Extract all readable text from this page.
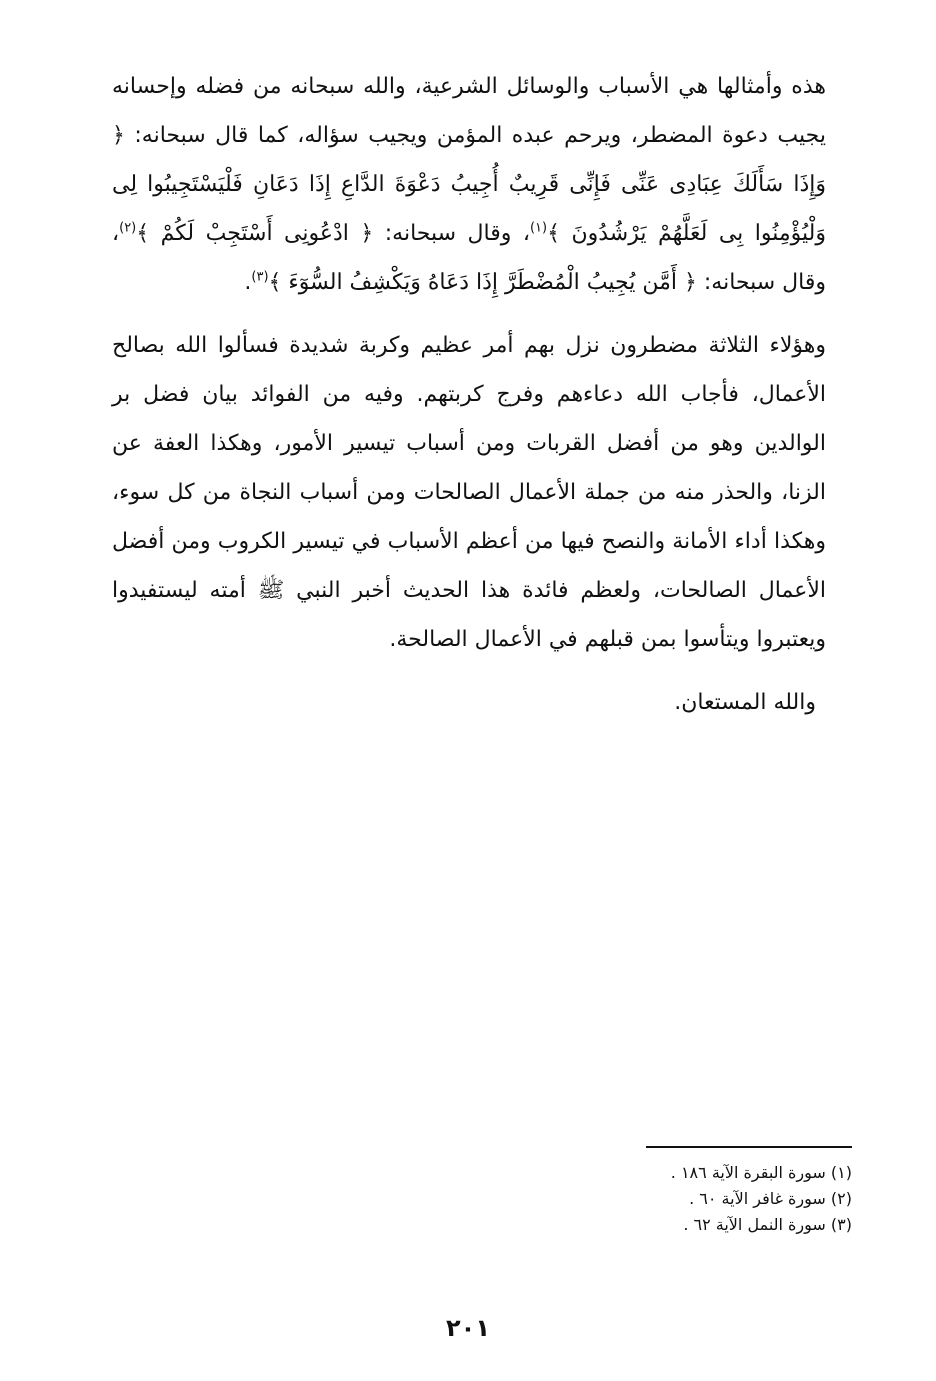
هذه وأمثالها هي الأسباب والوسائل الشرعية، والله سبحانه من فضله وإحسانه يجيب دعوة المضطر، ويرحم عبده المؤمن ويجيب سؤاله، كما قال سبحانه: ﴿ وَإِذَا سَأَلَكَ عِبَادِى عَنِّى فَإِنِّى قَرِيبٌ أُجِيبُ دَعْوَةَ الدَّاعِ إِذَا دَعَانِ فَلْيَسْتَجِيبُوا لِى وَلْيُؤْمِنُوا بِى لَعَلَّهُمْ يَرْشُدُونَ ﴾$^{(١)}$، وقال سبحانه: ﴿ ادْعُونِى أَسْتَجِبْ لَكُمْ ﴾$^{(٢)}$، وقال سبحانه: ﴿ أَمَّن يُجِيبُ الْمُضْطَرَّ إِذَا دَعَاهُ وَيَكْشِفُ السُّوٓءَ ﴾$^{(٣)}$.

وهؤلاء الثلاثة مضطرون نزل بهم أمر عظيم وكربة شديدة فسألوا الله بصالح الأعمال، فأجاب الله دعاءهم وفرج كربتهم. وفيه من الفوائد بيان فضل بر الوالدين وهو من أفضل القربات ومن أسباب تيسير الأمور، وهكذا العفة عن الزنا، والحذر منه من جملة الأعمال الصالحات ومن أسباب النجاة من كل سوء، وهكذا أداء الأمانة والنصح فيها من أعظم الأسباب في تيسير الكروب ومن أفضل الأعمال الصالحات، ولعظم فائدة هذا الحديث أخبر النبي ﷺ أمته ليستفيدوا ويعتبروا ويتأسوا بمن قبلهم في الأعمال الصالحة.

والله المستعان.

(١) سورة البقرة الآية ١٨٦ .

(٢) سورة غافر الآية ٦٠ .

(٣) سورة النمل الآية ٦٢ .

٢٠١
